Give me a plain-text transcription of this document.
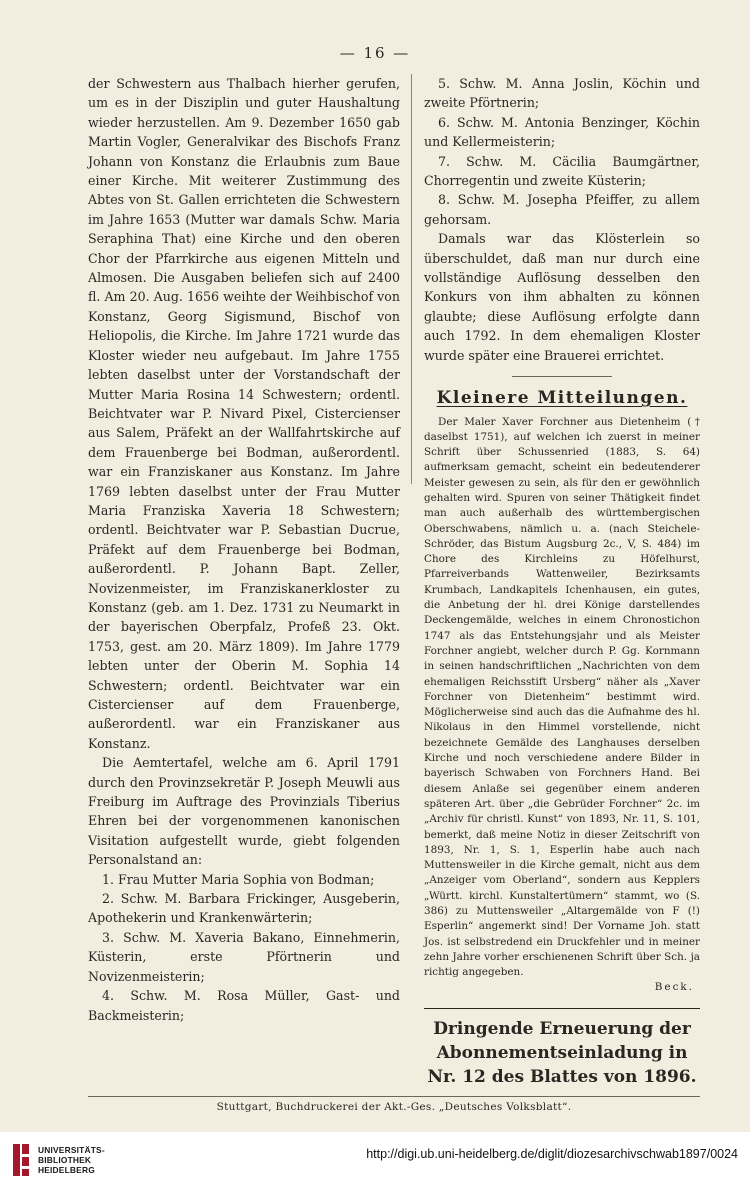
— 16 —

der Schwestern aus Thalbach hierher gerufen, um es in der Disziplin und guter Haushaltung wieder herzustellen. Am 9. Dezember 1650 gab Martin Vogler, Generalvikar des Bischofs Franz Johann von Konstanz die Erlaubnis zum Baue einer Kirche. Mit weiterer Zustimmung des Abtes von St. Gallen errichteten die Schwestern im Jahre 1653 (Mutter war damals Schw. Maria Seraphina That) eine Kirche und den oberen Chor der Pfarrkirche aus eigenen Mitteln und Almosen. Die Ausgaben beliefen sich auf 2400 fl. Am 20. Aug. 1656 weihte der Weihbischof von Konstanz, Georg Sigismund, Bischof von Heliopolis, die Kirche. Im Jahre 1721 wurde das Kloster wieder neu aufgebaut. Im Jahre 1755 lebten daselbst unter der Vorstandschaft der Mutter Maria Rosina 14 Schwestern; ordentl. Beichtvater war P. Nivard Pixel, Cistercienser aus Salem, Präfekt an der Wallfahrtskirche auf dem Frauenberge bei Bodman, außerordentl. war ein Franziskaner aus Konstanz. Im Jahre 1769 lebten daselbst unter der Frau Mutter Maria Franziska Xaveria 18 Schwestern; ordentl. Beichtvater war P. Sebastian Ducrue, Präfekt auf dem Frauenberge bei Bodman, außerordentl. P. Johann Bapt. Zeller, Novizenmeister, im Franziskanerkloster zu Konstanz (geb. am 1. Dez. 1731 zu Neumarkt in der bayerischen Oberpfalz, Profeß 23. Okt. 1753, gest. am 20. März 1809). Im Jahre 1779 lebten unter der Oberin M. Sophia 14 Schwestern; ordentl. Beichtvater war ein Cistercienser auf dem Frauenberge, außerordentl. war ein Franziskaner aus Konstanz.

Die Aemtertafel, welche am 6. April 1791 durch den Provinzsekretär P. Joseph Meuwli aus Freiburg im Auftrage des Provinzials Tiberius Ehren bei der vorgenommenen kanonischen Visitation aufgestellt wurde, giebt folgenden Personalstand an:

1. Frau Mutter Maria Sophia von Bodman;

2. Schw. M. Barbara Frickinger, Ausgeberin, Apothekerin und Krankenwärterin;

3. Schw. M. Xaveria Bakano, Einnehmerin, Küsterin, erste Pförtnerin und Novizenmeisterin;

4. Schw. M. Rosa Müller, Gast- und Backmeisterin;

5. Schw. M. Anna Joslin, Köchin und zweite Pförtnerin;

6. Schw. M. Antonia Benzinger, Köchin und Kellermeisterin;

7. Schw. M. Cäcilia Baumgärtner, Chorregentin und zweite Küsterin;

8. Schw. M. Josepha Pfeiffer, zu allem gehorsam.

Damals war das Klösterlein so überschuldet, daß man nur durch eine vollständige Auflösung desselben den Konkurs von ihm abhalten zu können glaubte; diese Auflösung erfolgte dann auch 1792. In dem ehemaligen Kloster wurde später eine Brauerei errichtet.

Kleinere Mitteilungen.

Der Maler Xaver Forchner aus Dietenheim († daselbst 1751), auf welchen ich zuerst in meiner Schrift über Schussenried (1883, S. 64) aufmerksam gemacht, scheint ein bedeutenderer Meister gewesen zu sein, als für den er gewöhnlich gehalten wird. Spuren von seiner Thätigkeit findet man auch außerhalb des württembergischen Oberschwabens, nämlich u. a. (nach Steichele-Schröder, das Bistum Augsburg 2c., V, S. 484) im Chore des Kirchleins zu Höfelhurst, Pfarreiverbands Wattenweiler, Bezirksamts Krumbach, Landkapitels Ichenhausen, ein gutes, die Anbetung der hl. drei Könige darstellendes Deckengemälde, welches in einem Chronostichon 1747 als das Entstehungsjahr und als Meister Forchner angiebt, welcher durch P. Gg. Kornmann in seinen handschriftlichen „Nachrichten von dem ehemaligen Reichsstift Ursberg“ näher als „Xaver Forchner von Dietenheim“ bestimmt wird. Möglicherweise sind auch das die Aufnahme des hl. Nikolaus in den Himmel vorstellende, nicht bezeichnete Gemälde des Langhauses derselben Kirche und noch verschiedene andere Bilder in bayerisch Schwaben von Forchners Hand. Bei diesem Anlaße sei gegenüber einem anderen späteren Art. über „die Gebrüder Forchner“ 2c. im „Archiv für christl. Kunst“ von 1893, Nr. 11, S. 101, bemerkt, daß meine Notiz in dieser Zeitschrift von 1893, Nr. 1, S. 1, Esperlin habe auch nach Muttensweiler in die Kirche gemalt, nicht aus dem „Anzeiger vom Oberland“, sondern aus Kepplers „Württ. kirchl. Kunstaltertümern“ stammt, wo (S. 386) zu Muttensweiler „Altargemälde von F (!) Esperlin“ angemerkt sind! Der Vorname Joh. statt Jos. ist selbstredend ein Druckfehler und in meiner zehn Jahre vorher erschienenen Schrift über Sch. ja richtig angegeben.

Beck.

Dringende Erneuerung der Abonnementseinladung in Nr. 12 des Blattes von 1896.
Stuttgart, Buchdruckerei der Akt.-Ges. „Deutsches Volksblatt“.
UNIVERSITÄTS-
BIBLIOTHEK
HEIDELBERG
http://digi.ub.uni-heidelberg.de/diglit/diozesarchivschwab1897/0024
